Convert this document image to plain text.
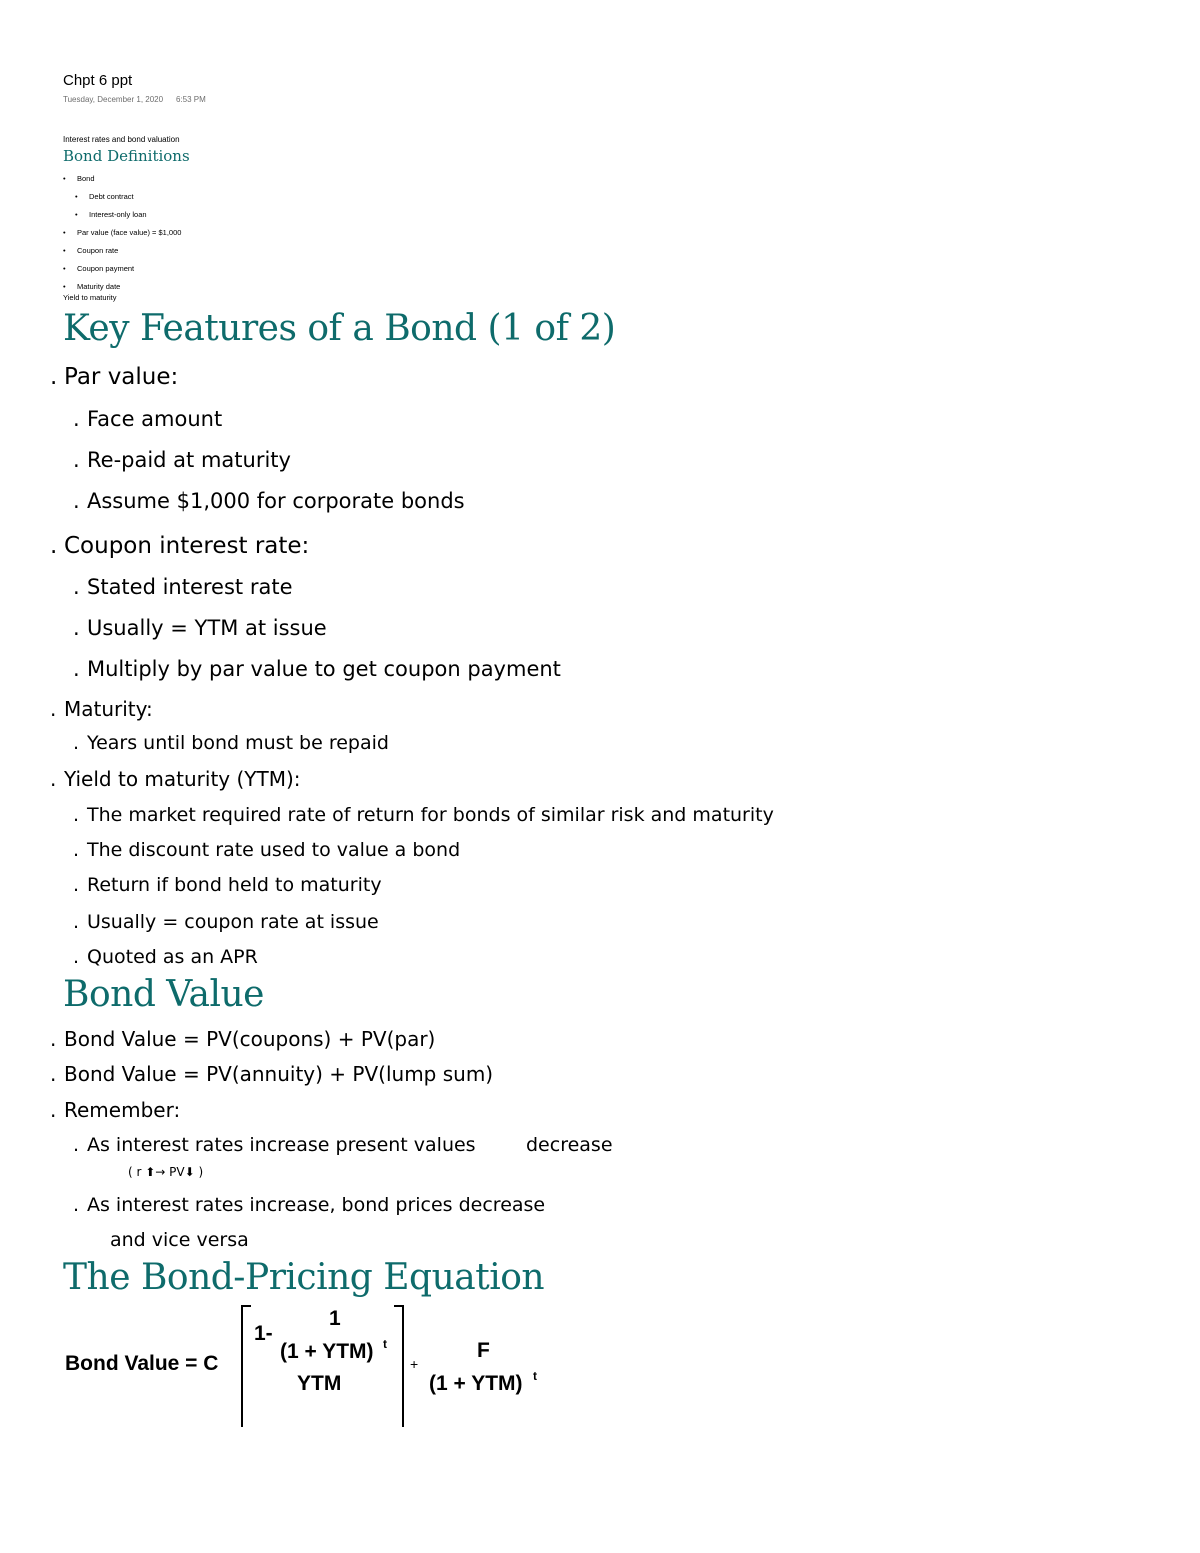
Chpt 6 ppt
Tuesday, December 1, 2020 6:53 PM
Interest rates and bond valuation
Bond Definitions
• Bond
• Debt contract
• Interest-only loan
• Par value (face value) = $1,000
• Coupon rate
• Coupon payment
• Maturity date
Yield to maturity
Key Features of a Bond (1 of 2)
. Par value:
. Face amount
. Re-paid at maturity
. Assume $1,000 for corporate bonds
. Coupon interest rate:
. Stated interest rate
. Usually = YTM at issue
. Multiply by par value to get coupon payment
. Maturity:
. Years until bond must be repaid
. Yield to maturity (YTM):
. The market required rate of return for bonds of similar risk and maturity
. The discount rate used to value a bond
. Return if bond held to maturity
. Usually = coupon rate at issue
. Quoted as an APR
Bond Value
. Bond Value = PV(coupons) + PV(par)
. Bond Value = PV(annuity) + PV(lump sum)
. Remember:
. As interest rates increase present values	decrease
( r ⬆→ PV⬇ )
. As interest rates increase, bond prices decrease
and vice versa
The Bond-Pricing Equation
Bond Value = C
1-
1
(1 + YTM) t
YTM
+
F
(1 + YTM) t
